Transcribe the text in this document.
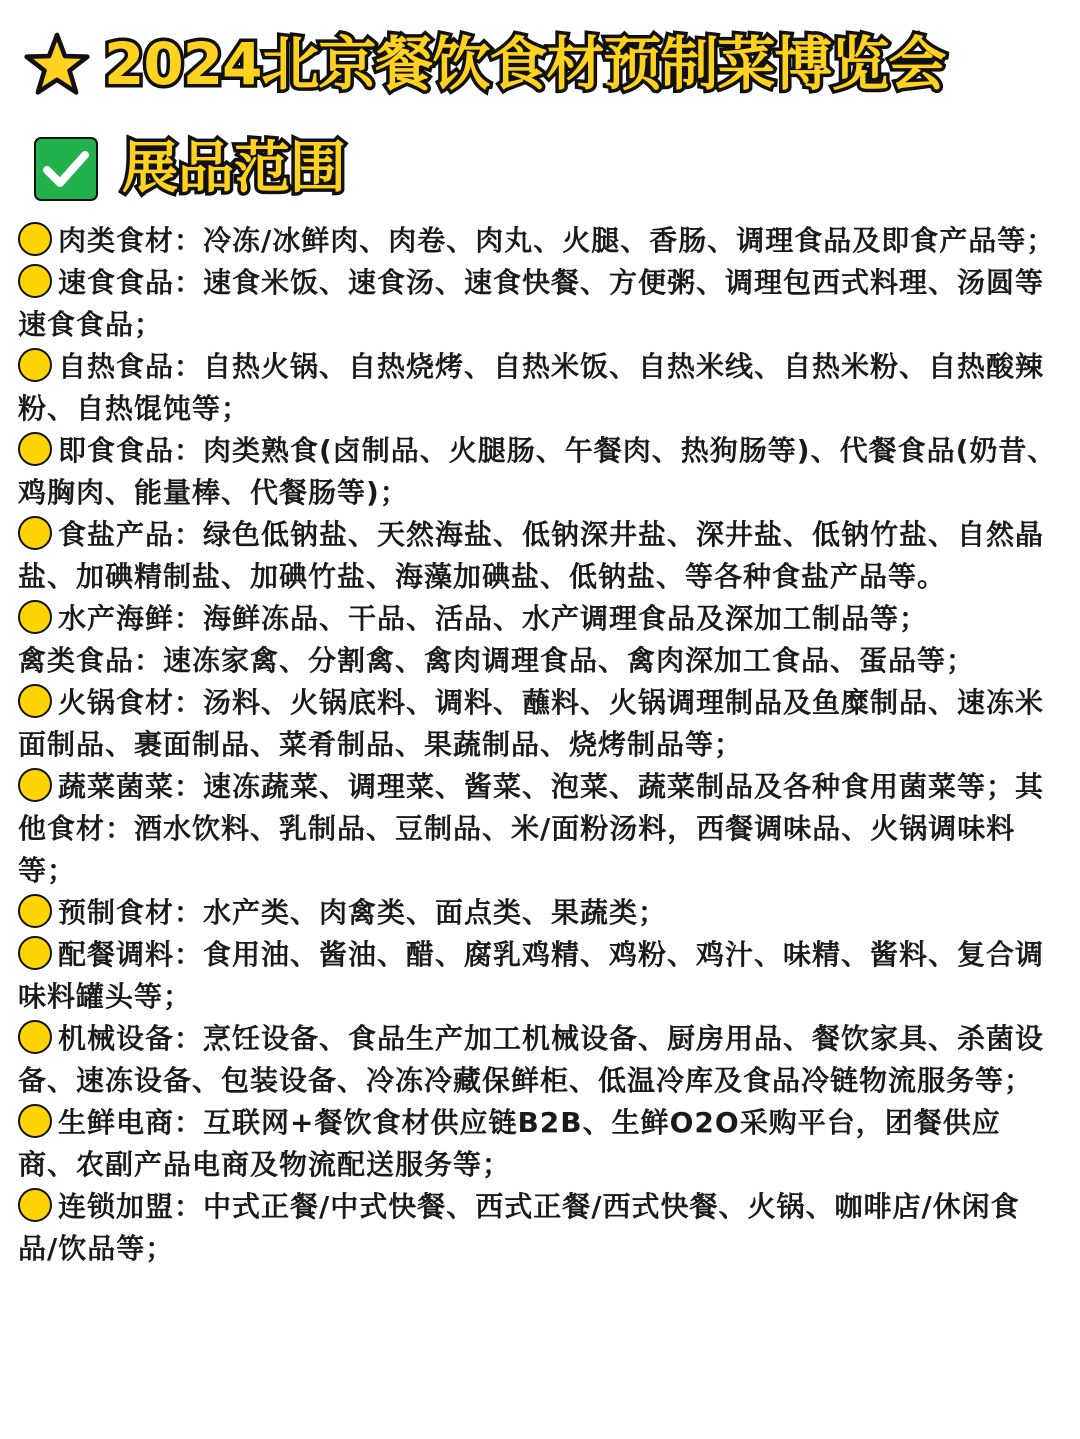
2024北京餐饮食材预制菜博览会
展品范围
肉类食材：冷冻/冰鲜肉、肉卷、肉丸、火腿、香肠、调理食品及即食产品等；
速食食品：速食米饭、速食汤、速食快餐、方便粥、调理包西式料理、汤圆等速食食品；
自热食品：自热火锅、自热烧烤、自热米饭、自热米线、自热米粉、自热酸辣粉、自热馄饨等；
即食食品：肉类熟食(卤制品、火腿肠、午餐肉、热狗肠等)、代餐食品(奶昔、鸡胸肉、能量棒、代餐肠等)；
食盐产品：绿色低钠盐、天然海盐、低钠深井盐、深井盐、低钠竹盐、自然晶盐、加碘精制盐、加碘竹盐、海藻加碘盐、低钠盐、等各种食盐产品等。
水产海鲜：海鲜冻品、干品、活品、水产调理食品及深加工制品等；
禽类食品：速冻家禽、分割禽、禽肉调理食品、禽肉深加工食品、蛋品等；
火锅食材：汤料、火锅底料、调料、蘸料、火锅调理制品及鱼糜制品、速冻米面制品、裹面制品、菜肴制品、果蔬制品、烧烤制品等；
蔬菜菌菜：速冻蔬菜、调理菜、酱菜、泡菜、蔬菜制品及各种食用菌菜等；其他食材：酒水饮料、乳制品、豆制品、米/面粉汤料，西餐调味品、火锅调味料等；
预制食材：水产类、肉禽类、面点类、果蔬类；
配餐调料：食用油、酱油、醋、腐乳鸡精、鸡粉、鸡汁、味精、酱料、复合调味料罐头等；
机械设备：烹饪设备、食品生产加工机械设备、厨房用品、餐饮家具、杀菌设备、速冻设备、包装设备、冷冻冷藏保鲜柜、低温冷库及食品冷链物流服务等；
生鲜电商：互联网+餐饮食材供应链B2B、生鲜O2O采购平台，团餐供应商、农副产品电商及物流配送服务等；
连锁加盟：中式正餐/中式快餐、西式正餐/西式快餐、火锅、咖啡店/休闲食品/饮品等；
